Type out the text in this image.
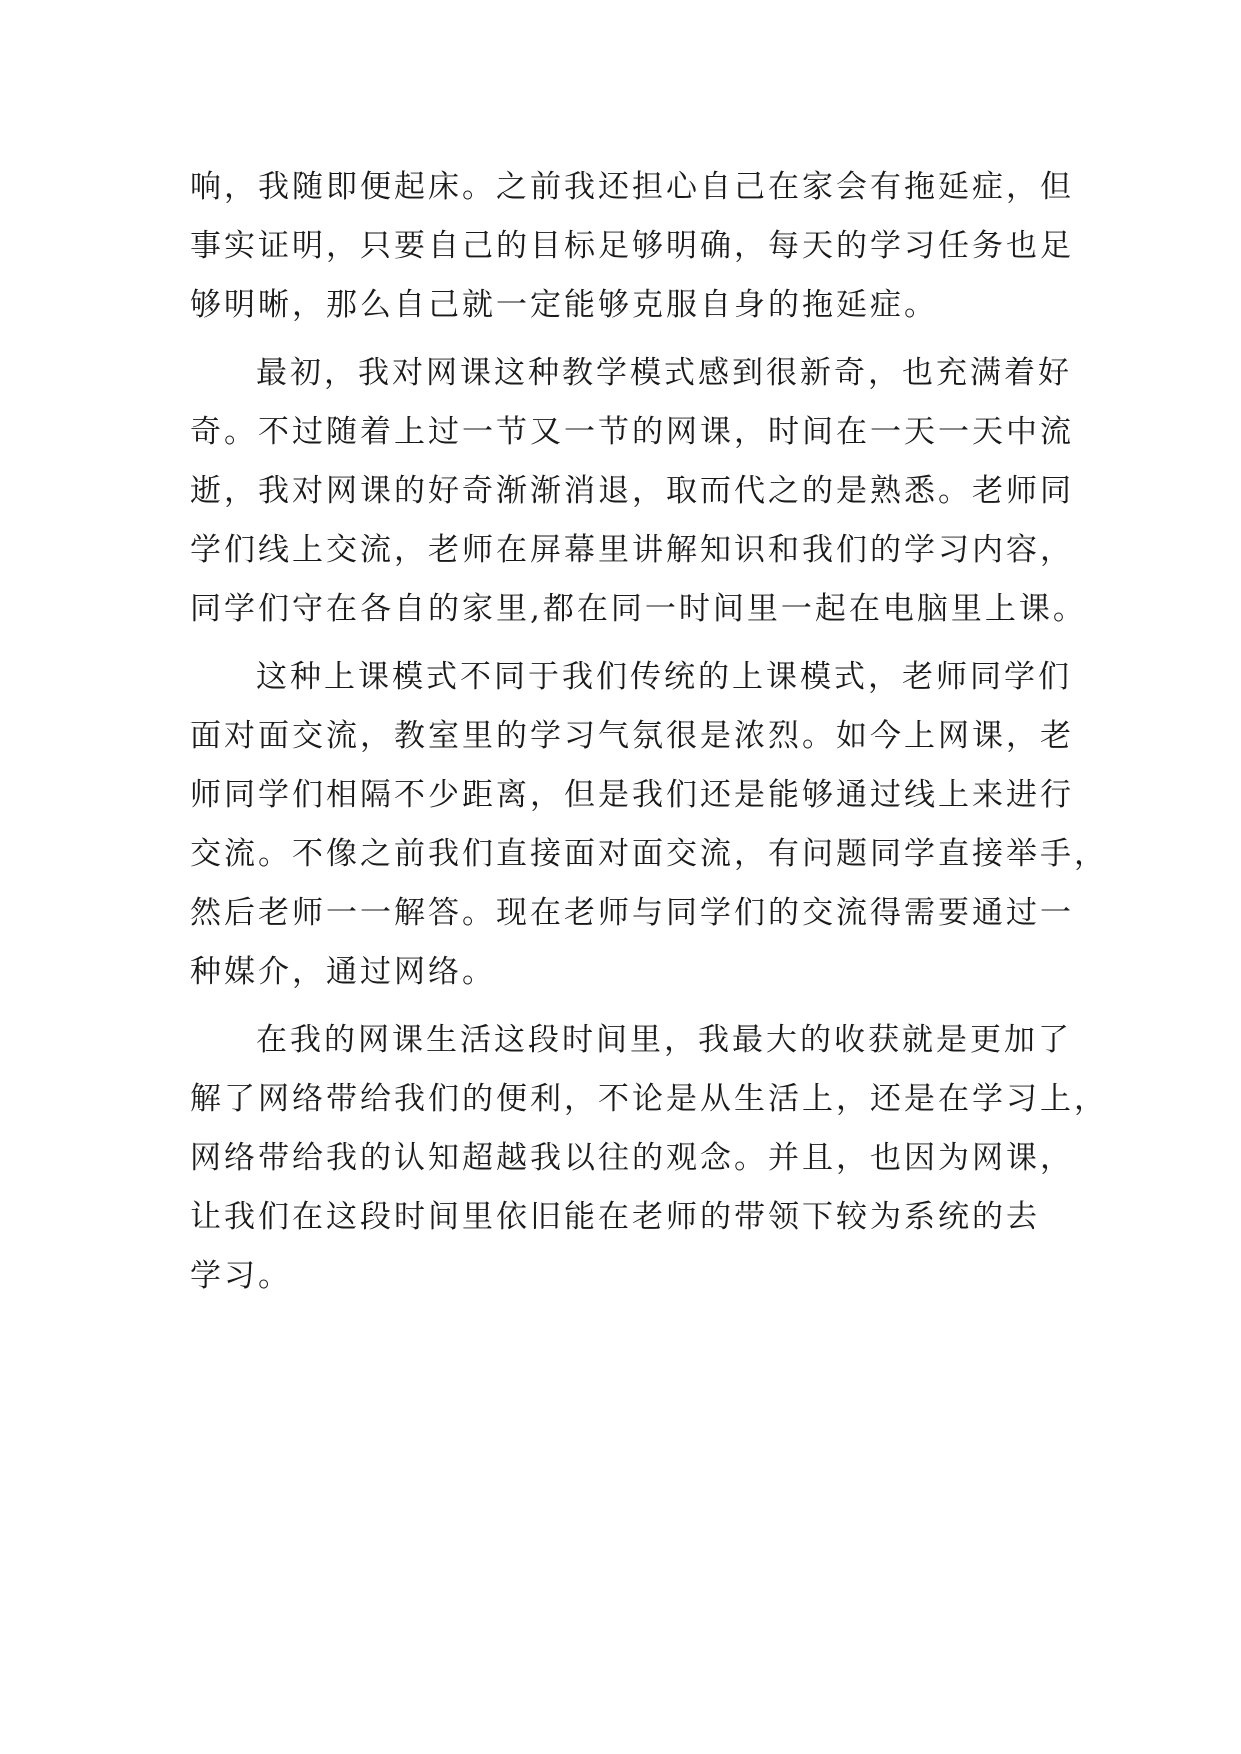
响，我随即便起床。之前我还担心自己在家会有拖延症，但
事实证明，只要自己的目标足够明确，每天的学习任务也足
够明晰，那么自己就一定能够克服自身的拖延症。
最初，我对网课这种教学模式感到很新奇，也充满着好
奇。不过随着上过一节又一节的网课，时间在一天一天中流
逝，我对网课的好奇渐渐消退，取而代之的是熟悉。老师同
学们线上交流，老师在屏幕里讲解知识和我们的学习内容，
同学们守在各自的家里,都在同一时间里一起在电脑里上课。
这种上课模式不同于我们传统的上课模式，老师同学们
面对面交流，教室里的学习气氛很是浓烈。如今上网课，老
师同学们相隔不少距离，但是我们还是能够通过线上来进行
交流。不像之前我们直接面对面交流，有问题同学直接举手，
然后老师一一解答。现在老师与同学们的交流得需要通过一
种媒介，通过网络。
在我的网课生活这段时间里，我最大的收获就是更加了
解了网络带给我们的便利，不论是从生活上，还是在学习上，
网络带给我的认知超越我以往的观念。并且，也因为网课，
让我们在这段时间里依旧能在老师的带领下较为系统的去
学习。
